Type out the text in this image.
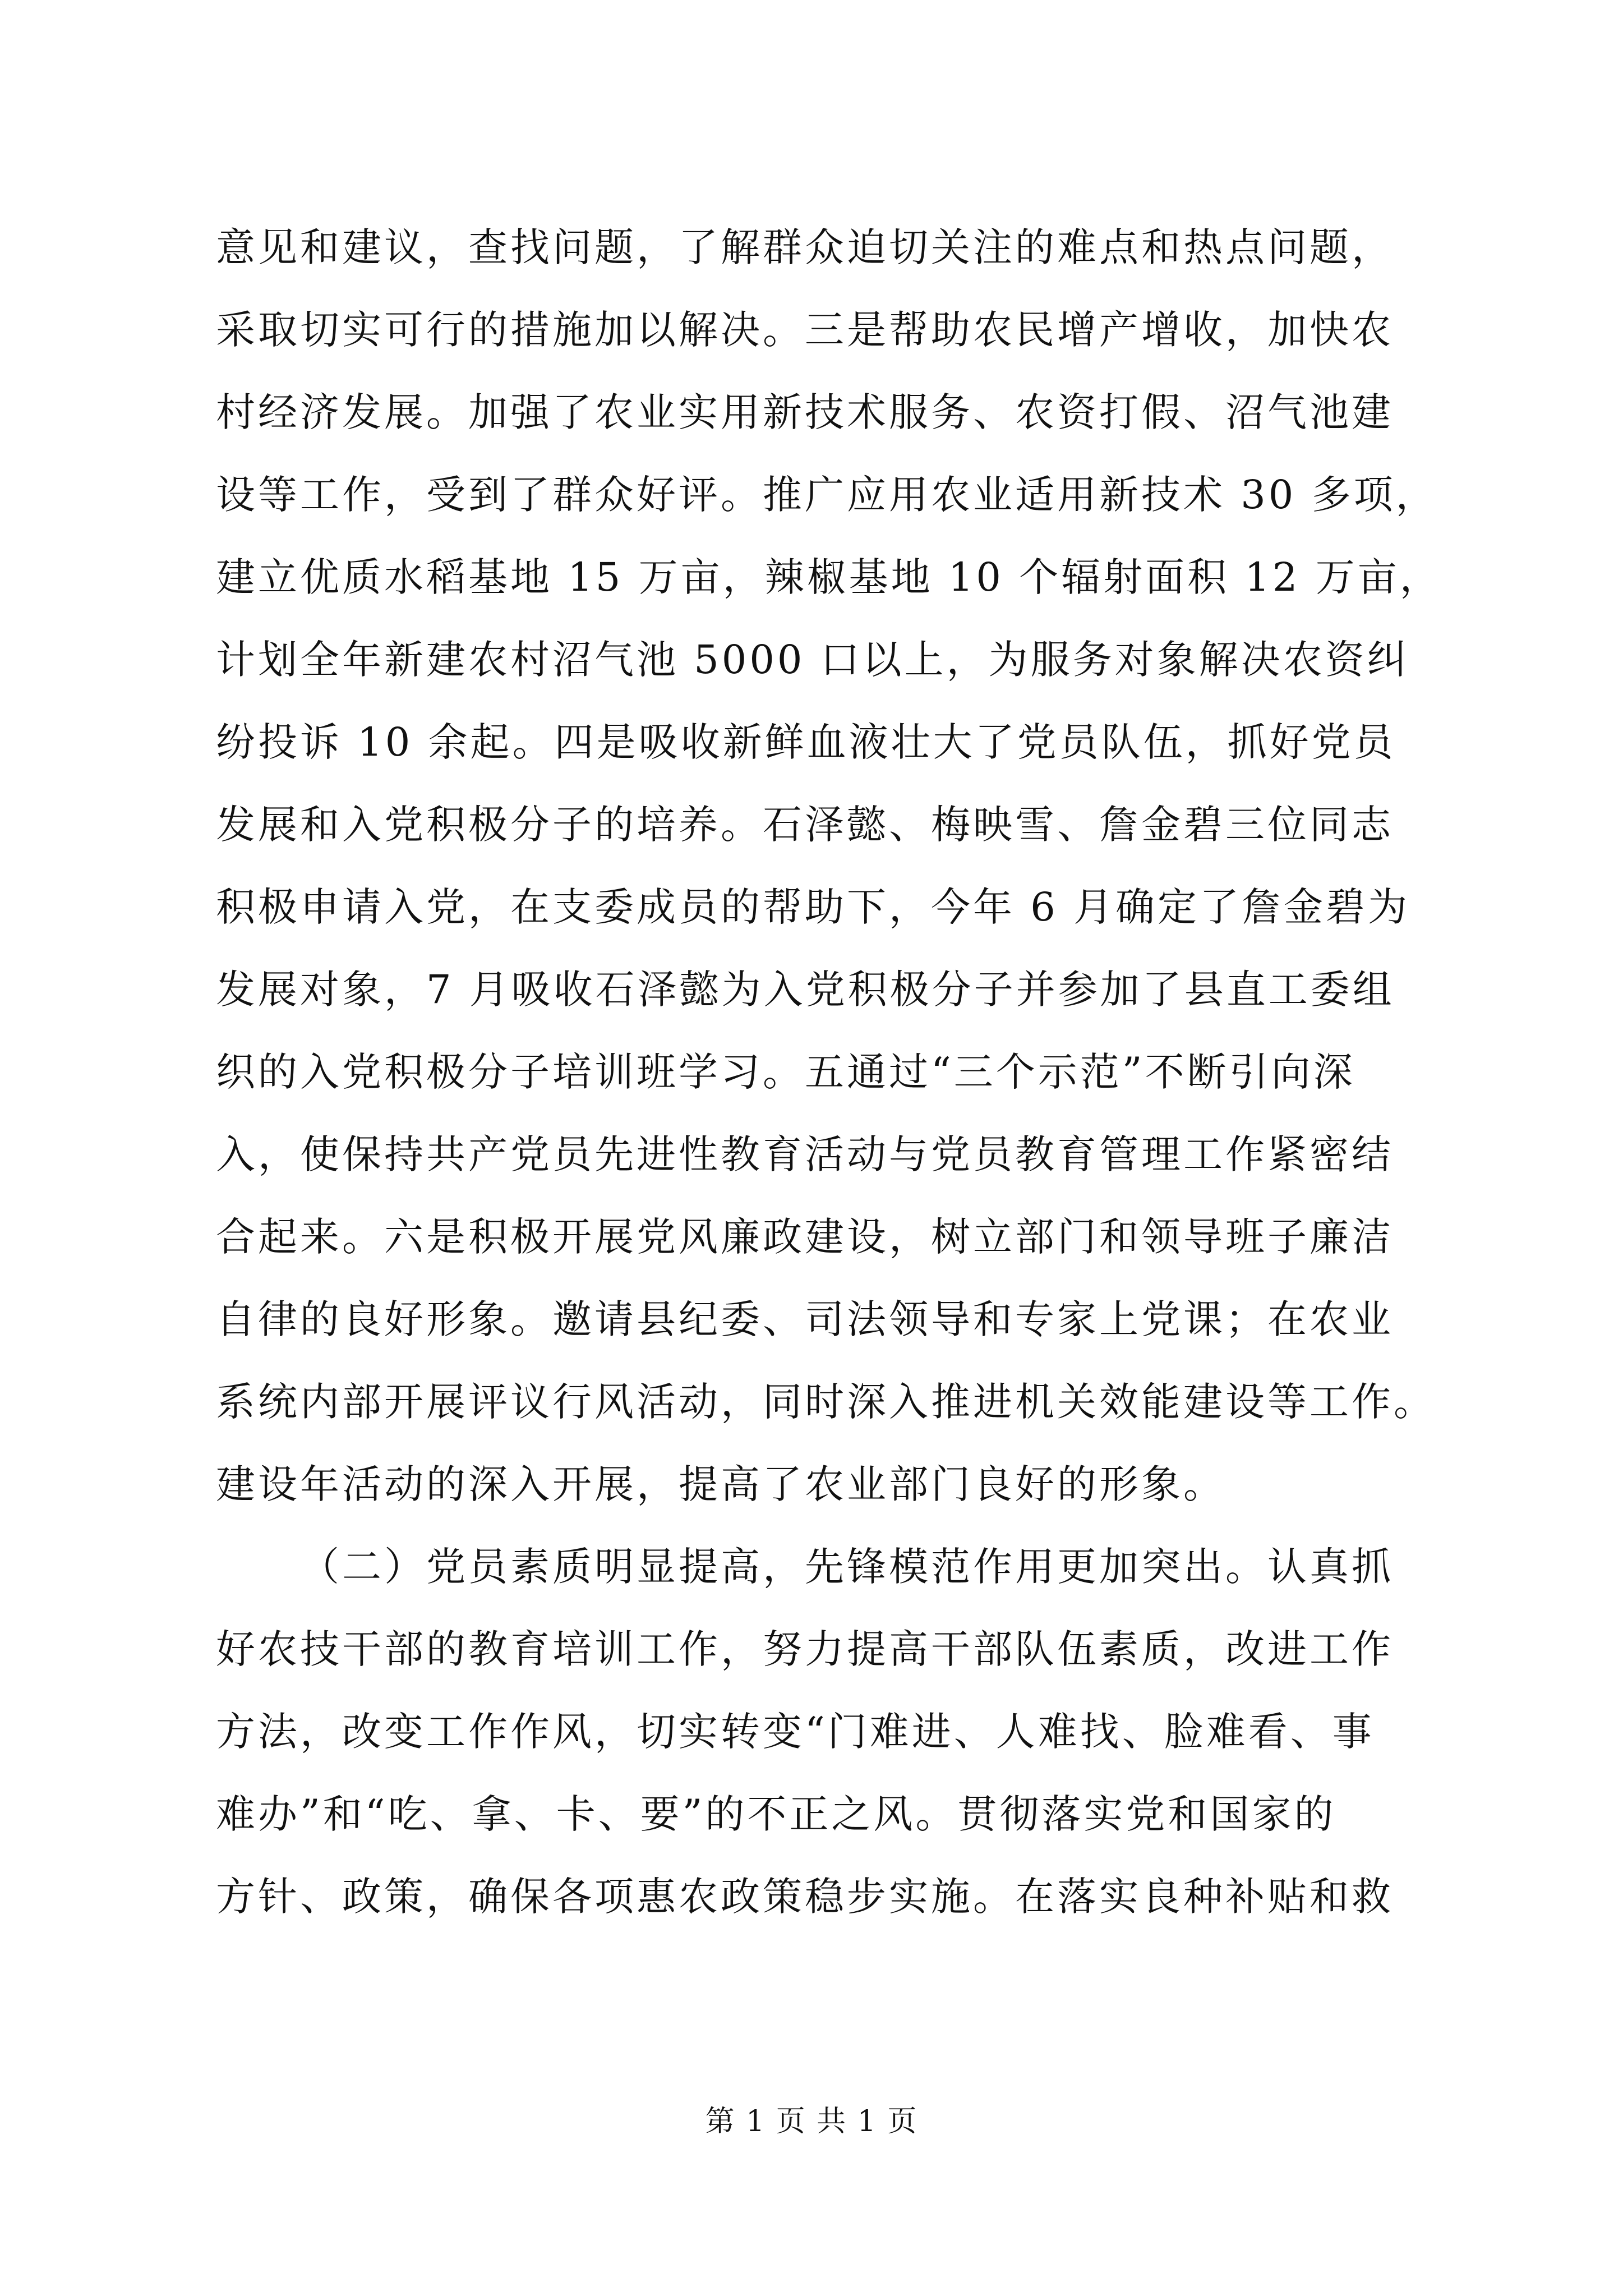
意见和建议，查找问题，了解群众迫切关注的难点和热点问题，
采取切实可行的措施加以解决。三是帮助农民增产增收，加快农
村经济发展。加强了农业实用新技术服务、农资打假、沼气池建
设等工作，受到了群众好评。推广应用农业适用新技术 30 多项，
建立优质水稻基地 15 万亩，辣椒基地 10 个辐射面积 12 万亩，
计划全年新建农村沼气池 5000 口以上，为服务对象解决农资纠
纷投诉 10 余起。四是吸收新鲜血液壮大了党员队伍，抓好党员
发展和入党积极分子的培养。石泽懿、梅映雪、詹金碧三位同志
积极申请入党，在支委成员的帮助下，今年 6 月确定了詹金碧为
发展对象，7 月吸收石泽懿为入党积极分子并参加了县直工委组
织的入党积极分子培训班学习。五通过“三个示范”不断引向深
入，使保持共产党员先进性教育活动与党员教育管理工作紧密结
合起来。六是积极开展党风廉政建设，树立部门和领导班子廉洁
自律的良好形象。邀请县纪委、司法领导和专家上党课；在农业
系统内部开展评议行风活动，同时深入推进机关效能建设等工作。
建设年活动的深入开展，提高了农业部门良好的形象。
（二）党员素质明显提高，先锋模范作用更加突出。认真抓
好农技干部的教育培训工作，努力提高干部队伍素质，改进工作
方法，改变工作作风，切实转变“门难进、人难找、脸难看、事
难办”和“吃、拿、卡、要”的不正之风。贯彻落实党和国家的
方针、政策，确保各项惠农政策稳步实施。在落实良种补贴和救
第 1 页 共 1 页
